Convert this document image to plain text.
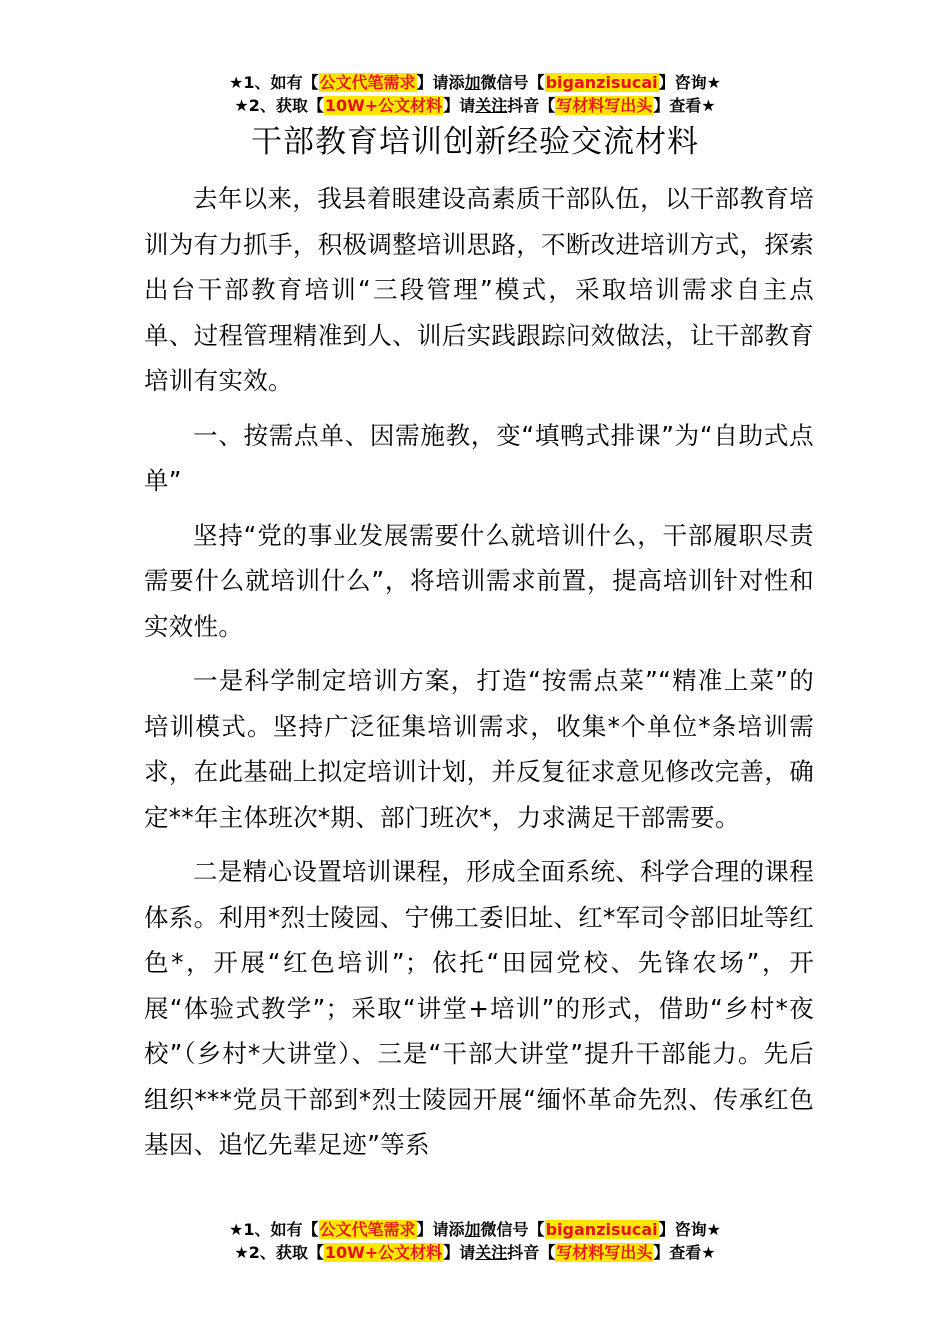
★1、如有【公文代笔需求】请添加微信号【biganzisucai】咨询★
★2、获取【10W+公文材料】请关注抖音【写材料写出头】查看★
干部教育培训创新经验交流材料

去年以来，我县着眼建设高素质干部队伍，以干部教育培训为有力抓手，积极调整培训思路，不断改进培训方式，探索出台干部教育培训“三段管理”模式，采取培训需求自主点单、过程管理精准到人、训后实践跟踪问效做法，让干部教育培训有实效。

一、按需点单、因需施教，变“填鸭式排课”为“自助式点单”

坚持“党的事业发展需要什么就培训什么，干部履职尽责需要什么就培训什么”，将培训需求前置，提高培训针对性和实效性。

一是科学制定培训方案，打造“按需点菜”“精准上菜”的培训模式。坚持广泛征集培训需求，收集*个单位*条培训需求，在此基础上拟定培训计划，并反复征求意见修改完善，确定**年主体班次*期、部门班次*，力求满足干部需要。

二是精心设置培训课程，形成全面系统、科学合理的课程体系。利用*烈士陵园、宁佛工委旧址、红*军司令部旧址等红色*，开展“红色培训”；依托“田园党校、先锋农场”，开展“体验式教学”；采取“讲堂+培训”的形式，借助“乡村*夜校”（乡村*大讲堂）、三是“干部大讲堂”提升干部能力。先后组织***党员干部到*烈士陵园开展“缅怀革命先烈、传承红色基因、追忆先辈足迹”等系

★1、如有【公文代笔需求】请添加微信号【biganzisucai】咨询★
★2、获取【10W+公文材料】请关注抖音【写材料写出头】查看★
